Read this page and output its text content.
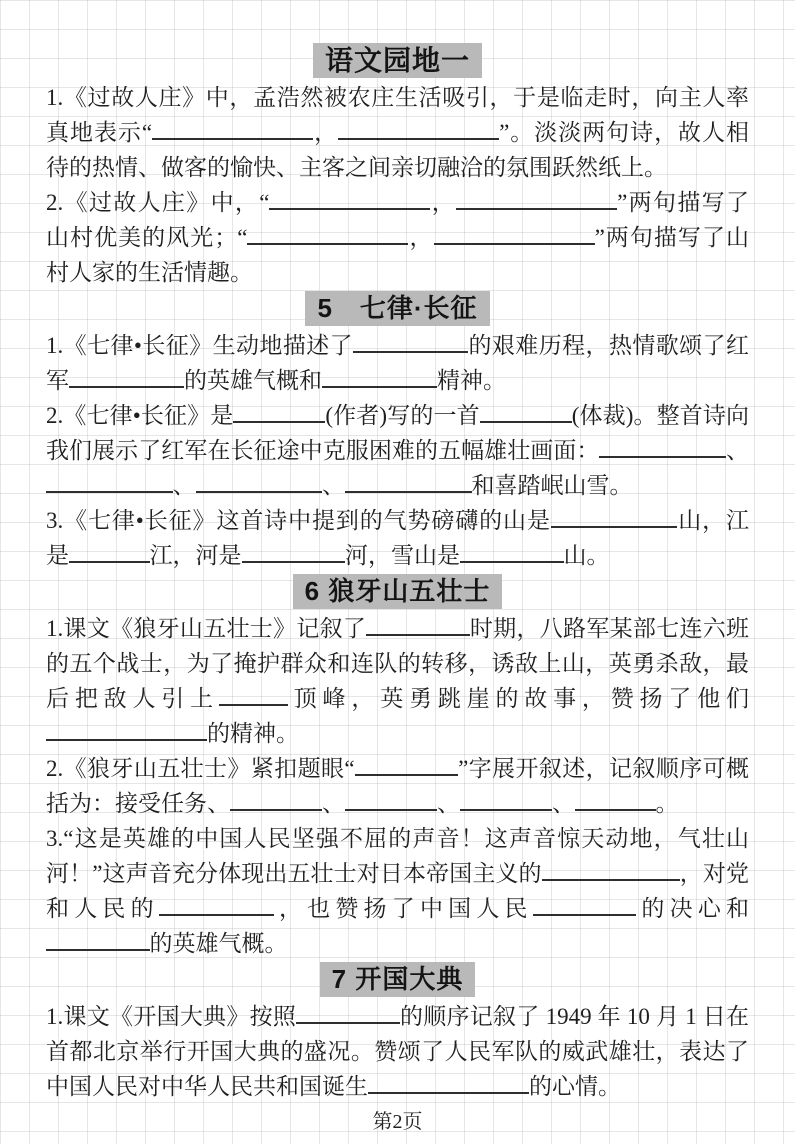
语文园地一

1.《过故人庄》中，孟浩然被农庄生活吸引，于是临走时，向主人率真地表示“	，	”。淡淡两句诗，故人相待的热情、做客的愉快、主客之间亲切融洽的氛围跃然纸上。

2.《过故人庄》中，“	，	”两句描写了山村优美的风光；“	，	”两句描写了山村人家的生活情趣。

5　七律·长征

1.《七律•长征》生动地描述了	的艰难历程，热情歌颂了红军	的英雄气概和	精神。

2.《七律•长征》是	(作者)写的一首	(体裁)。整首诗向我们展示了红军在长征途中克服困难的五幅雄壮画面：	、、	、	和喜踏岷山雪。

3.《七律•长征》这首诗中提到的气势磅礴的山是	山，江是	江，河是	河，雪山是	山。

6 狼牙山五壮士

1.课文《狼牙山五壮士》记叙了	时期，八路军某部七连六班的五个战士，为了掩护群众和连队的转移，诱敌上山，英勇杀敌，最后把敌人引上	顶峰，英勇跳崖的故事，赞扬了他们的精神。

2.《狼牙山五壮士》紧扣题眼“	”字展开叙述，记叙顺序可概括为：接受任务、	、	、	、	。

3.“这是英雄的中国人民坚强不屈的声音！这声音惊天动地，气壮山河！”这声音充分体现出五壮士对日本帝国主义的	，对党和人民的	，也赞扬了中国人民	的决心和的英雄气概。

7 开国大典

1.课文《开国大典》按照	的顺序记叙了 1949 年 10 月 1 日在首都北京举行开国大典的盛况。赞颂了人民军队的威武雄壮，表达了中国人民对中华人民共和国诞生	的心情。

第2页
